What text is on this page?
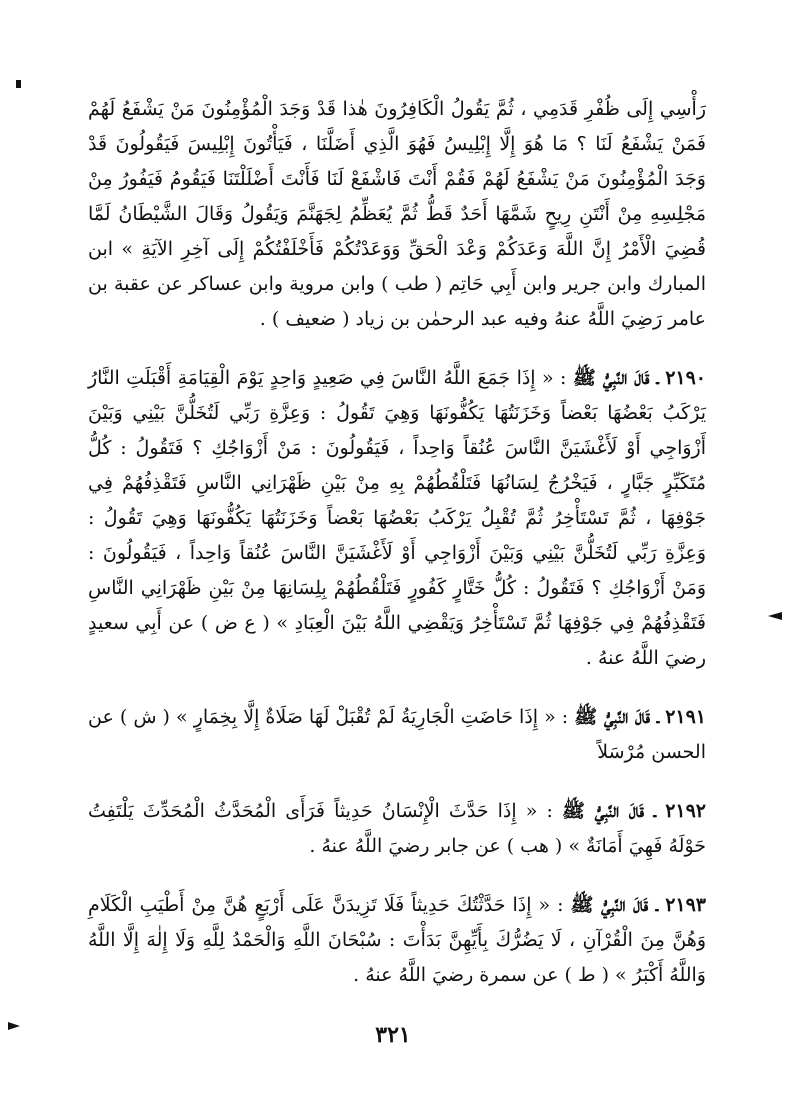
رَأْسِي إِلَى ظُفْرِ قَدَمِي ، ثُمَّ يَقُولُ الْكَافِرُونَ هٰذا قَدْ وَجَدَ الْمُؤْمِنُونَ مَنْ يَشْفَعُ لَهُمْ فَمَنْ يَشْفَعُ لَنَا ؟ مَا هُوَ إِلَّا إِبْلِيسُ فَهُوَ الَّذِي أَضَلَّنَا ، فَيَأْتُونَ إِبْلِيسَ فَيَقُولُونَ قَدْ وَجَدَ الْمُؤْمِنُونَ مَنْ يَشْفَعُ لَهُمْ فَقُمْ أَنْتَ فَاشْفَعْ لَنَا فَأَنْتَ أَضْلَلْتَنَا فَيَقُومُ فَيَفُورُ مِنْ مَجْلِسِهِ مِنْ أَنْتَنِ رِيحٍ شَمَّهَا أَحَدٌ قَطُّ ثُمَّ يُعَظِّمُ لِجَهَنَّمَ وَيَقُولُ وَقَالَ الشَّيْطَانُ لَمَّا قُضِيَ الْأَمْرُ إِنَّ اللَّهَ وَعَدَكُمْ وَعْدَ الْحَقِّ وَوَعَدْتُكُمْ فَأَخْلَفْتُكُمْ إِلَى آخِرِ الآيَةِ » ابن المبارك وابن جرير وابن أَبِي حَاتِم ( طب ) وابن مروية وابن عساكر عن عقبة بن عامر رَضِيَ اللَّهُ عنهُ وفيه عبد الرحمٰن بن زياد ( ضعيف ) .

٢١٩٠ ـ قَالَ النَّبِيُّ ﷺ : « إِذَا جَمَعَ اللَّهُ النَّاسَ فِي صَعِيدٍ وَاحِدٍ يَوْمَ الْقِيَامَةِ أَقْبَلَتِ النَّارُ يَرْكَبُ بَعْضُهَا بَعْضاً وَخَزَنَتُهَا يَكُفُّونَهَا وَهِيَ تَقُولُ : وَعِزَّةِ رَبِّي لَتُخَلُّنَّ بَيْنِي وَبَيْنَ أَزْوَاجِي أَوْ لَأَغْشَيَنَّ النَّاسَ عُنُقاً وَاحِداً ، فَيَقُولُونَ : مَنْ أَزْوَاجُكِ ؟ فَتَقُولُ : كُلُّ مُتَكَبِّرٍ جَبَّارٍ ، فَيَخْرُجُ لِسَانُهَا فَتَلْقُطُهُمْ بِهِ مِنْ بَيْنِ ظَهْرَانِي النَّاسِ فَتَقْذِفُهُمْ فِي جَوْفِهَا ، ثُمَّ تَسْتَأْخِرُ ثُمَّ تُقْبِلُ يَرْكَبُ بَعْضُهَا بَعْضاً وَخَزَنَتُهَا يَكُفُّونَهَا وَهِيَ تَقُولُ : وَعِزَّةِ رَبِّي لَتُخَلُّنَّ بَيْنِي وَبَيْنَ أَزْوَاجِي أَوْ لَأَغْشَيَنَّ النَّاسَ عُنُقاً وَاحِداً ، فَيَقُولُونَ : وَمَنْ أَزْوَاجُكِ ؟ فَتَقُولُ : كُلُّ خَتَّارٍ كَفُورٍ فَتَلْقُطُهُمْ بِلِسَانِهَا مِنْ بَيْنِ ظَهْرَانِي النَّاسِ فَتَقْذِفُهُمْ فِي جَوْفِهَا ثُمَّ تَسْتَأْخِرُ وَيَقْضِي اللَّهُ بَيْنَ الْعِبَادِ » ( ع ض ) عن أَبِي سعيدٍ رضيَ اللَّهُ عنهُ .

٢١٩١ ـ قَالَ النَّبِيُّ ﷺ : « إِذَا حَاضَتِ الْجَارِيَةُ لَمْ تُقْبَلْ لَهَا صَلَاةٌ إِلَّا بِخِمَارٍ » ( ش ) عن الحسن مُرْسَلاً

٢١٩٢ ـ قَالَ النَّبِيُّ ﷺ : « إِذَا حَدَّثَ الْإِنْسَانُ حَدِيثاً فَرَأَى الْمُحَدَّثُ الْمُحَدِّثَ يَلْتَفِتُ حَوْلَهُ فَهِيَ أَمَانَةٌ » ( هب ) عن جابر رضيَ اللَّهُ عنهُ .

٢١٩٣ ـ قَالَ النَّبِيُّ ﷺ : « إِذَا حَدَّثْتُكَ حَدِيثاً فَلَا تَزِيدَنَّ عَلَى أَرْبَعٍ هُنَّ مِنْ أَطْيَبِ الْكَلَامِ وَهُنَّ مِنَ الْقُرْآنِ ، لَا يَضُرُّكَ بِأَيِّهِنَّ بَدَأْتَ : سُبْحَانَ اللَّهِ وَالْحَمْدُ لِلَّهِ وَلَا إِلٰهَ إِلَّا اللَّهُ وَاللَّهُ أَكْبَرُ » ( ط ) عن سمرة رضيَ اللَّهُ عنهُ .

٣٢١
